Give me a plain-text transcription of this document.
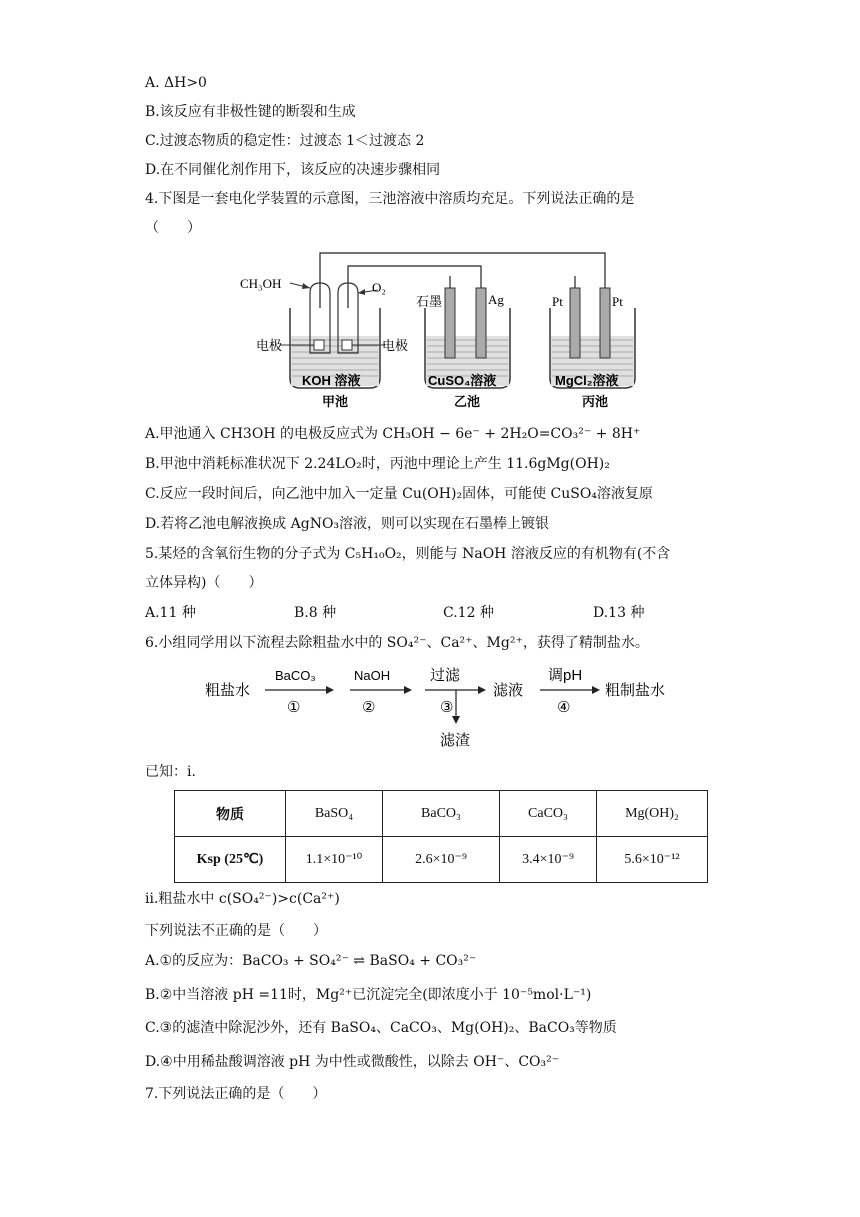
A. ΔH>0
B.该反应有非极性键的断裂和生成
C.过渡态物质的稳定性：过渡态 1＜过渡态 2
D.在不同催化剂作用下，该反应的决速步骤相同
4.下图是一套电化学装置的示意图，三池溶液中溶质均充足。下列说法正确的是
（　　）
CH₃OH	O₂
电极	电极
KOH 溶液
甲池
石墨	Ag
CuSO₄溶液
乙池
Pt	Pt
MgCl₂溶液
丙池
A.甲池通入 CH3OH 的电极反应式为 CH₃OH − 6e⁻ + 2H₂O=CO₃²⁻ + 8H⁺
B.甲池中消耗标准状况下 2.24LO₂时，丙池中理论上产生 11.6gMg(OH)₂
C.反应一段时间后，向乙池中加入一定量 Cu(OH)₂固体，可能使 CuSO₄溶液复原
D.若将乙池电解液换成 AgNO₃溶液，则可以实现在石墨棒上镀银
5.某烃的含氧衍生物的分子式为 C₅H₁₀O₂，则能与 NaOH 溶液反应的有机物有(不含
立体异构)（　　）
A.11 种	B.8 种	C.12 种	D.13 种
6.小组同学用以下流程去除粗盐水中的 SO₄²⁻、Ca²⁺、Mg²⁺，获得了精制盐水。
粗盐水
BaCO₃
①
NaOH
②
过滤
③
滤渣
滤液
调pH
④
粗制盐水
已知：ⅰ.
物质	BaSO₄	BaCO₃	CaCO₃	Mg(OH)₂
Ksp (25℃)	1.1×10⁻¹⁰	2.6×10⁻⁹	3.4×10⁻⁹	5.6×10⁻¹²
ⅱ.粗盐水中 c(SO₄²⁻)>c(Ca²⁺)
下列说法不正确的是（　　）
A.①的反应为：BaCO₃ + SO₄²⁻ ⇌ BaSO₄ + CO₃²⁻
B.②中当溶液 pH =11时，Mg²⁺已沉淀完全(即浓度小于 10⁻⁵mol·L⁻¹)
C.③的滤渣中除泥沙外，还有 BaSO₄、CaCO₃、Mg(OH)₂、BaCO₃等物质
D.④中用稀盐酸调溶液 pH 为中性或微酸性，以除去 OH⁻、CO₃²⁻
7.下列说法正确的是（　　）
